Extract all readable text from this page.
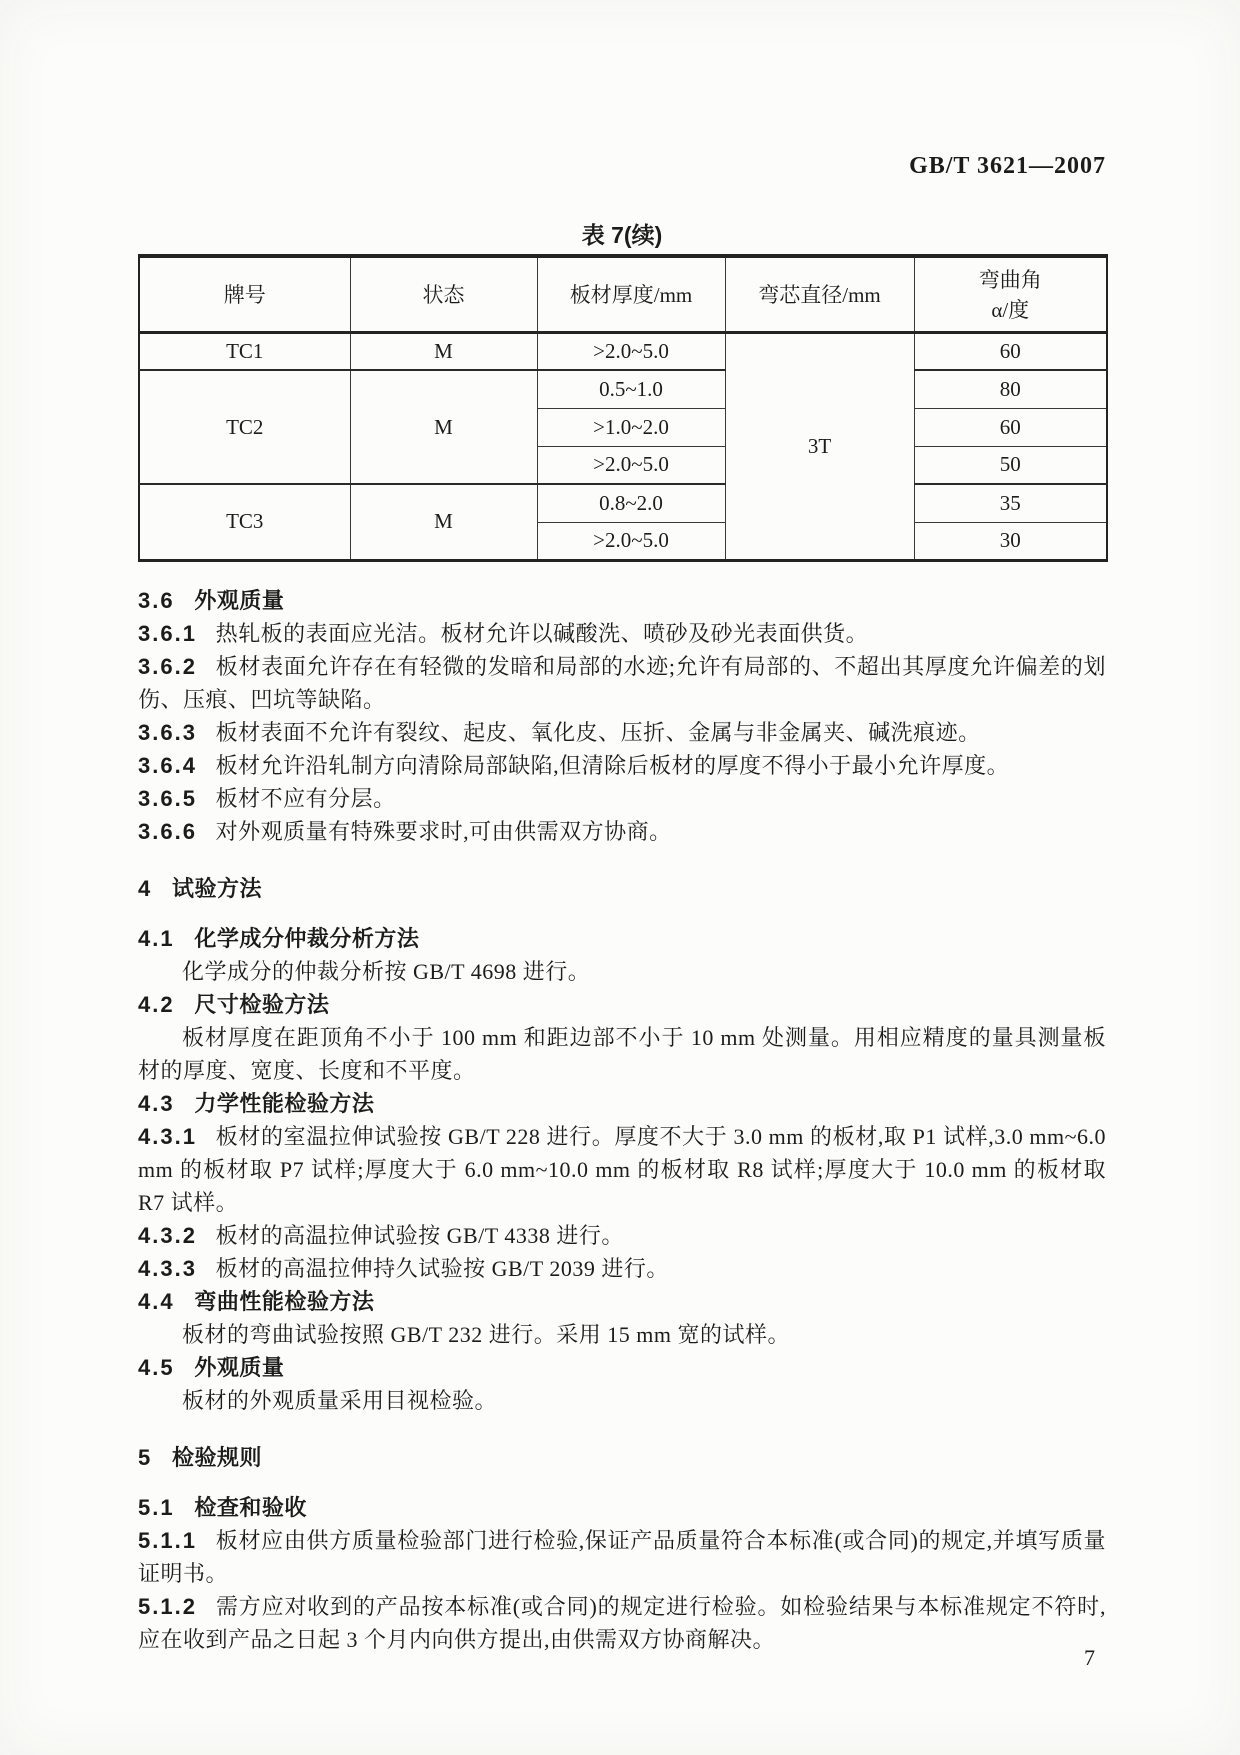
GB/T 3621—2007
表 7(续)
牌号	状态	板材厚度/mm	弯芯直径/mm	弯曲角
α/度

TC1	M	>2.0~5.0	3T	60
TC2	M	0.5~1.0		80
		>1.0~2.0		60
		>2.0~5.0		50
TC3	M	0.8~2.0		35
		>2.0~5.0		30
3.6 外观质量

3.6.1 热轧板的表面应光洁。板材允许以碱酸洗、喷砂及砂光表面供货。

3.6.2 板材表面允许存在有轻微的发暗和局部的水迹;允许有局部的、不超出其厚度允许偏差的划伤、压痕、凹坑等缺陷。

3.6.3 板材表面不允许有裂纹、起皮、氧化皮、压折、金属与非金属夹、碱洗痕迹。

3.6.4 板材允许沿轧制方向清除局部缺陷,但清除后板材的厚度不得小于最小允许厚度。

3.6.5 板材不应有分层。

3.6.6 对外观质量有特殊要求时,可由供需双方协商。

4 试验方法
4.1 化学成分仲裁分析方法

化学成分的仲裁分析按 GB/T 4698 进行。

4.2 尺寸检验方法

板材厚度在距顶角不小于 100 mm 和距边部不小于 10 mm 处测量。用相应精度的量具测量板材的厚度、宽度、长度和不平度。

4.3 力学性能检验方法

4.3.1 板材的室温拉伸试验按 GB/T 228 进行。厚度不大于 3.0 mm 的板材,取 P1 试样,3.0 mm~6.0 mm 的板材取 P7 试样;厚度大于 6.0 mm~10.0 mm 的板材取 R8 试样;厚度大于 10.0 mm 的板材取 R7 试样。

4.3.2 板材的高温拉伸试验按 GB/T 4338 进行。

4.3.3 板材的高温拉伸持久试验按 GB/T 2039 进行。

4.4 弯曲性能检验方法

板材的弯曲试验按照 GB/T 232 进行。采用 15 mm 宽的试样。

4.5 外观质量

板材的外观质量采用目视检验。

5 检验规则
5.1 检查和验收

5.1.1 板材应由供方质量检验部门进行检验,保证产品质量符合本标准(或合同)的规定,并填写质量证明书。

5.1.2 需方应对收到的产品按本标准(或合同)的规定进行检验。如检验结果与本标准规定不符时,应在收到产品之日起 3 个月内向供方提出,由供需双方协商解决。

7
